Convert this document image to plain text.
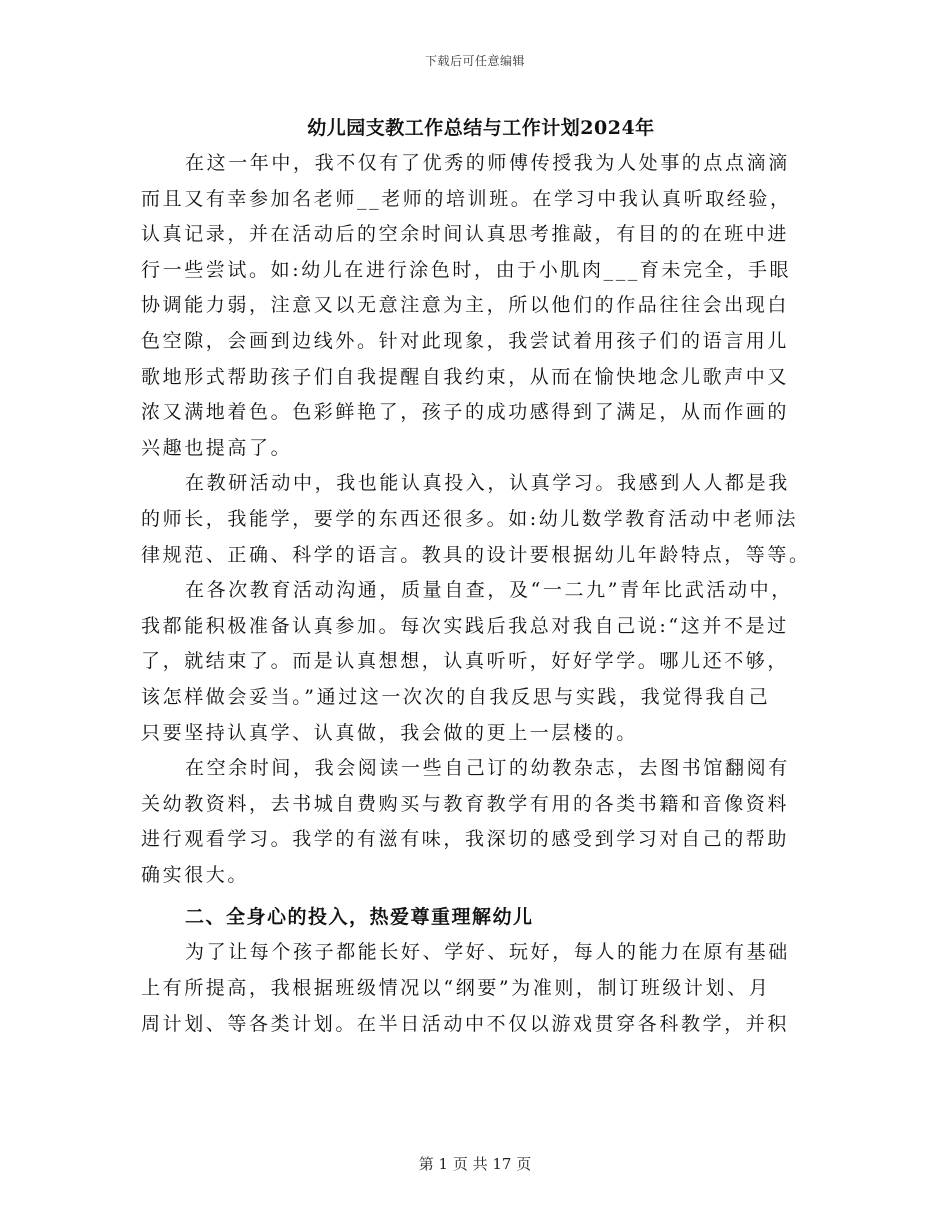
下载后可任意编辑
幼儿园支教工作总结与工作计划2024年

在这一年中，我不仅有了优秀的师傅传授我为人处事的点点滴滴
而且又有幸参加名老师__老师的培训班。在学习中我认真听取经验，
认真记录，并在活动后的空余时间认真思考推敲，有目的的在班中进
行一些尝试。如:幼儿在进行涂色时，由于小肌肉___育未完全，手眼
协调能力弱，注意又以无意注意为主，所以他们的作品往往会出现白
色空隙，会画到边线外。针对此现象，我尝试着用孩子们的语言用儿
歌地形式帮助孩子们自我提醒自我约束，从而在愉快地念儿歌声中又
浓又满地着色。色彩鲜艳了，孩子的成功感得到了满足，从而作画的
兴趣也提高了。

在教研活动中，我也能认真投入，认真学习。我感到人人都是我
的师长，我能学，要学的东西还很多。如:幼儿数学教育活动中老师法
律规范、正确、科学的语言。教具的设计要根据幼儿年龄特点，等等。

在各次教育活动沟通，质量自查，及“一二九”青年比武活动中，
我都能积极准备认真参加。每次实践后我总对我自己说:“这并不是过
了，就结束了。而是认真想想，认真听听，好好学学。哪儿还不够，
该怎样做会妥当。”通过这一次次的自我反思与实践，我觉得我自己
只要坚持认真学、认真做，我会做的更上一层楼的。

在空余时间，我会阅读一些自己订的幼教杂志，去图书馆翻阅有
关幼教资料，去书城自费购买与教育教学有用的各类书籍和音像资料
进行观看学习。我学的有滋有味，我深切的感受到学习对自己的帮助
确实很大。

二、全身心的投入，热爱尊重理解幼儿

为了让每个孩子都能长好、学好、玩好，每人的能力在原有基础
上有所提高，我根据班级情况以“纲要”为准则，制订班级计划、月
周计划、等各类计划。在半日活动中不仅以游戏贯穿各科教学，并积

第 1 页 共 17 页
